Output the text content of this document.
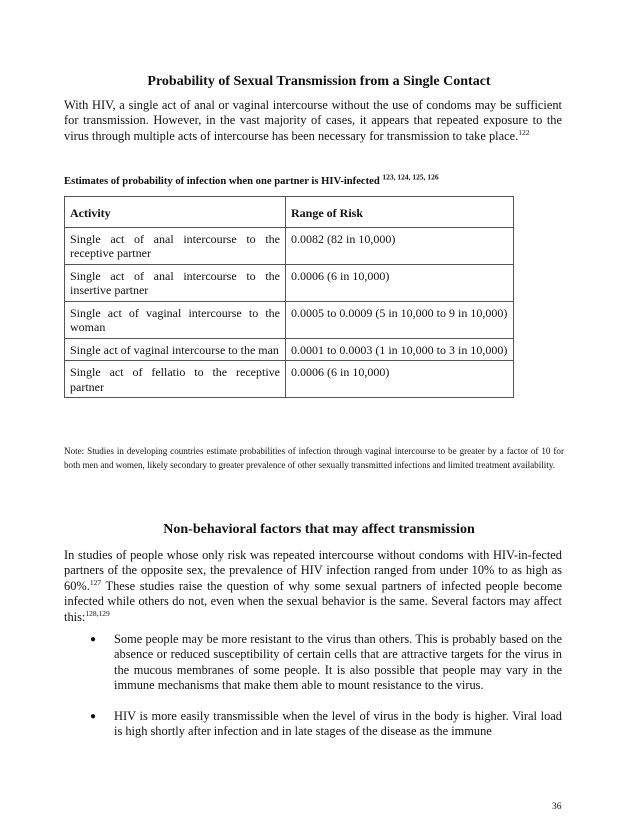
Probability of Sexual Transmission from a Single Contact
With HIV, a single act of anal or vaginal intercourse without the use of condoms may be sufficient for transmission. However, in the vast majority of cases, it appears that repeated exposure to the virus through multiple acts of intercourse has been necessary for transmission to take place.$^{122}$
Estimates of probability of infection when one partner is HIV-infected $^{123, 124, 125, 126}$
Activity	Range of Risk
Single act of anal intercourse to the receptive partner	0.0082 (82 in 10,000)
Single act of anal intercourse to the insertive partner	0.0006 (6 in 10,000)
Single act of vaginal intercourse to the woman	0.0005 to 0.0009 (5 in 10,000 to 9 in 10,000)
Single act of vaginal intercourse to the man	0.0001 to 0.0003 (1 in 10,000 to 3 in 10,000)
Single act of fellatio to the receptive partner	0.0006 (6 in 10,000)
Note: Studies in developing countries estimate probabilities of infection through vaginal intercourse to be greater by a factor of 10 for both men and women, likely secondary to greater prevalence of other sexually transmitted infections and limited treatment availability.
Non-behavioral factors that may affect transmission
In studies of people whose only risk was repeated intercourse without condoms with HIV-in-fected partners of the opposite sex, the prevalence of HIV infection ranged from under 10% to as high as 60%.$^{127}$ These studies raise the question of why some sexual partners of infected people become infected while others do not, even when the sexual behavior is the same. Several factors may affect this:$^{128,129}$
●	Some people may be more resistant to the virus than others. This is probably based on the absence or reduced susceptibility of certain cells that are attractive targets for the virus in the mucous membranes of some people. It is also possible that people may vary in the immune mechanisms that make them able to mount resistance to the virus.
●	HIV is more easily transmissible when the level of virus in the body is higher. Viral load is high shortly after infection and in late stages of the disease as the immune
36
